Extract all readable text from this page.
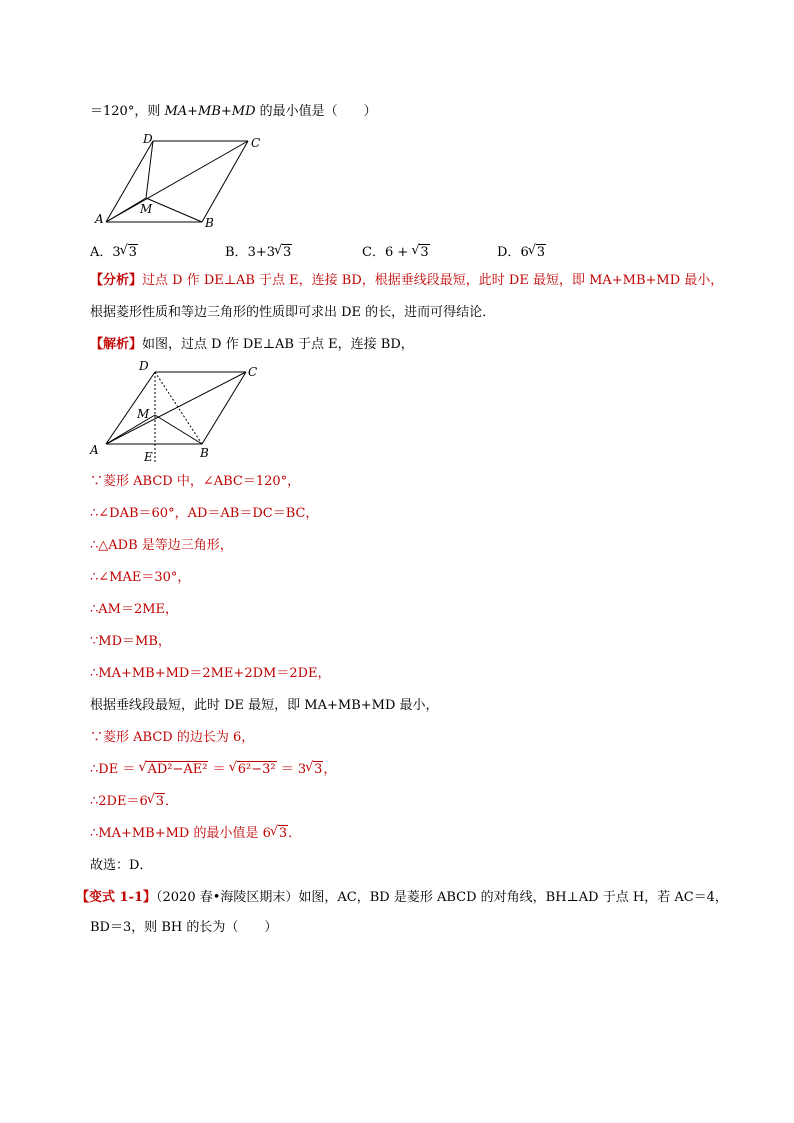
＝120°，则 MA+MB+MD 的最小值是（　　）
A	B
C
D
M
A．3 √ 3	B．3+3 √ 3	C．6 + √ 3	D．6 √ 3
【分析】过点 D 作 DE⊥AB 于点 E，连接 BD，根据垂线段最短，此时 DE 最短，即 MA+MB+MD 最小，
根据菱形性质和等边三角形的性质即可求出 DE 的长，进而可得结论．
【解析】如图，过点 D 作 DE⊥AB 于点 E，连接 BD，
A	B
C
D
M
E
∵菱形 ABCD 中，∠ABC＝120°，
∴∠DAB＝60°，AD＝AB＝DC＝BC，
∴△ADB 是等边三角形，
∴∠MAE＝30°，
∴AM＝2ME，
∵MD＝MB，
∴MA+MB+MD＝2ME+2DM＝2DE，
根据垂线段最短，此时 DE 最短，即 MA+MB+MD 最小，
∵菱形 ABCD 的边长为 6，
∴DE ＝ √ AD²−AE² ＝ √ 6²−3² ＝ 3 √ 3，
∴2DE＝6 √ 3．
∴MA+MB+MD 的最小值是 6 √ 3．
故选：D．
【变式 1-1】（2020 春•海陵区期末）如图，AC，BD 是菱形 ABCD 的对角线，BH⊥AD 于点 H，若 AC＝4，
BD＝3，则 BH 的长为（　　）
